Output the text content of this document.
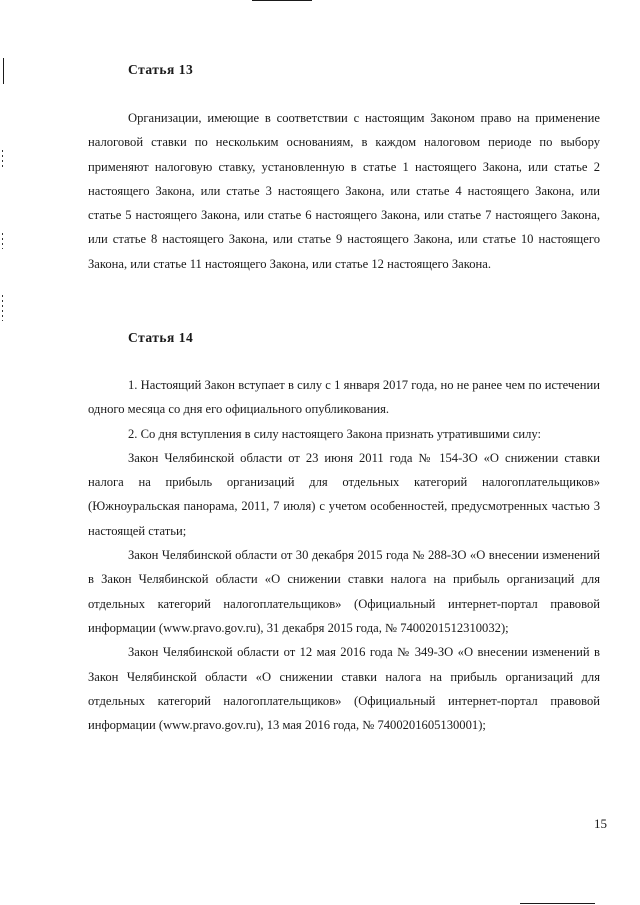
Статья 13

Организации, имеющие в соответствии с настоящим Законом право на применение налоговой ставки по нескольким основаниям, в каждом налоговом периоде по выбору применяют налоговую ставку, установленную в статье 1 настоящего Закона, или статье 2 настоящего Закона, или статье 3 настоящего Закона, или статье 4 настоящего Закона, или статье 5 настоящего Закона, или статье 6 настоящего Закона, или статье 7 настоящего Закона, или статье 8 настоящего Закона, или статье 9 настоящего Закона, или статье 10 настоящего Закона, или статье 11 настоящего Закона, или статье 12 настоящего Закона.

Статья 14

1. Настоящий Закон вступает в силу с 1 января 2017 года, но не ранее чем по истечении одного месяца со дня его официального опубликования.

2. Со дня вступления в силу настоящего Закона признать утратившими силу:

Закон Челябинской области от 23 июня 2011 года № 154-ЗО «О снижении ставки налога на прибыль организаций для отдельных категорий налогоплательщиков» (Южноуральская панорама, 2011, 7 июля) с учетом особенностей, предусмотренных частью 3 настоящей статьи;

Закон Челябинской области от 30 декабря 2015 года № 288-ЗО «О внесении изменений в Закон Челябинской области «О снижении ставки налога на прибыль организаций для отдельных категорий налогоплательщиков» (Официальный интернет-портал правовой информации (www.pravo.gov.ru), 31 декабря 2015 года, № 7400201512310032);

Закон Челябинской области от 12 мая 2016 года № 349-ЗО «О внесении изменений в Закон Челябинской области «О снижении ставки налога на прибыль организаций для отдельных категорий налогоплательщиков» (Официальный интернет-портал правовой информации (www.pravo.gov.ru), 13 мая 2016 года, № 7400201605130001);

15
